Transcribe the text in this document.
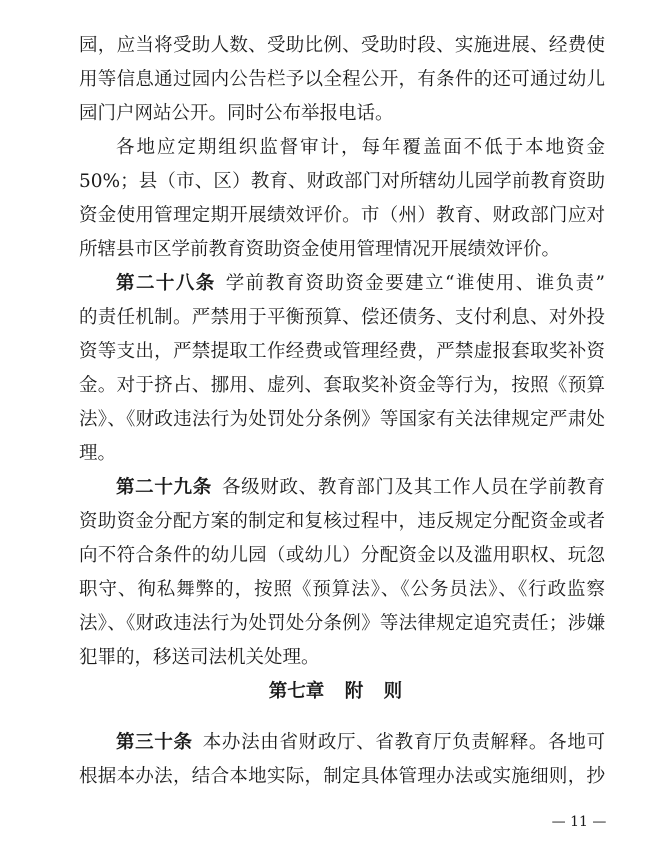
园，应当将受助人数、受助比例、受助时段、实施进展、经费使
用等信息通过园内公告栏予以全程公开，有条件的还可通过幼儿
园门户网站公开。同时公布举报电话。
各地应定期组织监督审计，每年覆盖面不低于本地资金
50%；县（市、区）教育、财政部门对所辖幼儿园学前教育资助
资金使用管理定期开展绩效评价。市（州）教育、财政部门应对
所辖县市区学前教育资助资金使用管理情况开展绩效评价。
第二十八条 学前教育资助资金要建立“谁使用、谁负责”
的责任机制。严禁用于平衡预算、偿还债务、支付利息、对外投
资等支出，严禁提取工作经费或管理经费，严禁虚报套取奖补资
金。对于挤占、挪用、虚列、套取奖补资金等行为，按照《预算
法》、《财政违法行为处罚处分条例》等国家有关法律规定严肃处
理。
第二十九条 各级财政、教育部门及其工作人员在学前教育
资助资金分配方案的制定和复核过程中，违反规定分配资金或者
向不符合条件的幼儿园（或幼儿）分配资金以及滥用职权、玩忽
职守、徇私舞弊的，按照《预算法》、《公务员法》、《行政监察
法》、《财政违法行为处罚处分条例》等法律规定追究责任；涉嫌
犯罪的，移送司法机关处理。
第七章 附 则
第三十条 本办法由省财政厅、省教育厅负责解释。各地可
根据本办法，结合本地实际，制定具体管理办法或实施细则，抄
— 11 —
